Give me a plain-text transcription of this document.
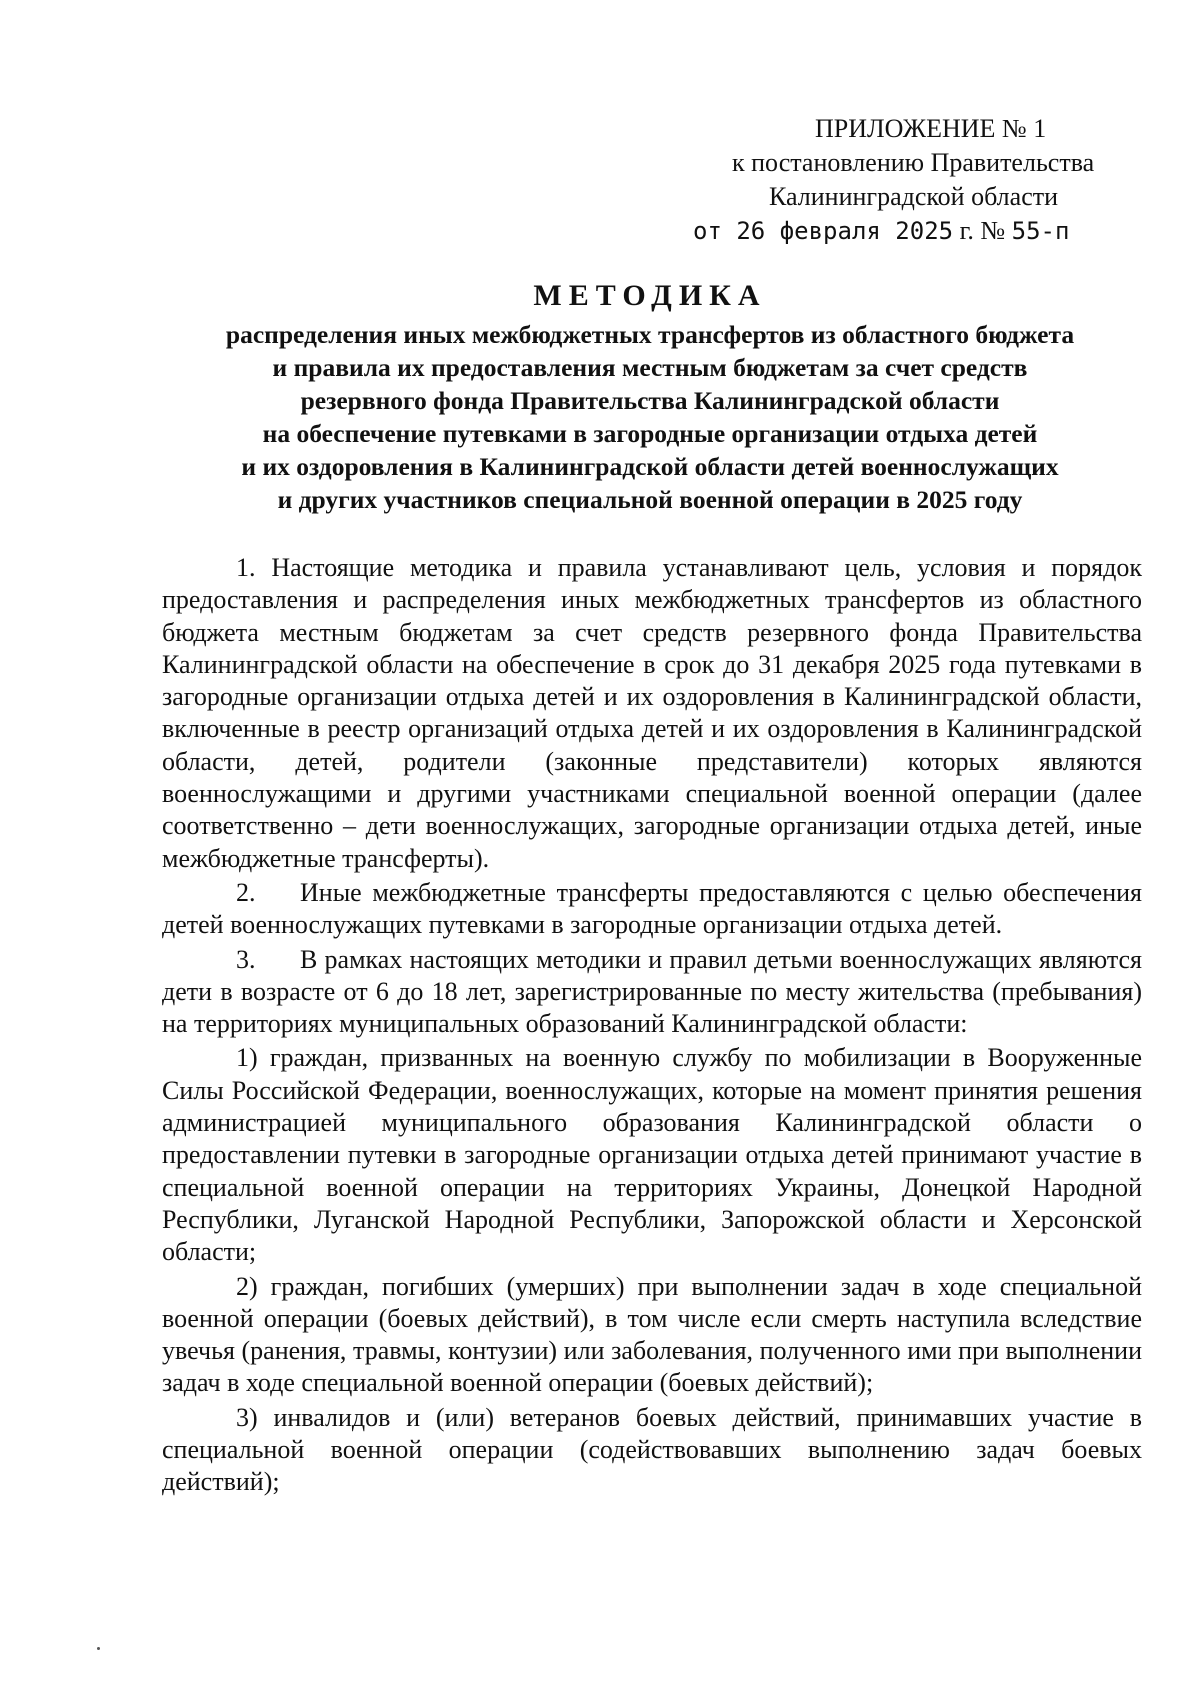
ПРИЛОЖЕНИЕ № 1
к постановлению Правительства
Калининградской области
от 26 февраля 2025 г. № 55-п
МЕТОДИКА
распределения иных межбюджетных трансфертов из областного бюджета
и правила их предоставления местным бюджетам за счет средств
резервного фонда Правительства Калининградской области
на обеспечение путевками в загородные организации отдыха детей
и их оздоровления в Калининградской области детей военнослужащих
и других участников специальной военной операции в 2025 году

1. Настоящие методика и правила устанавливают цель, условия и порядок предоставления и распределения иных межбюджетных трансфертов из областного бюджета местным бюджетам за счет средств резервного фонда Правительства Калининградской области на обеспечение в срок до 31 декабря 2025 года путевками в загородные организации отдыха детей и их оздоровления в Калининградской области, включенные в реестр организаций отдыха детей и их оздоровления в Калининградской области, детей, родители (законные представители) которых являются военнослужащими и другими участниками специальной военной операции (далее соответственно – дети военнослужащих, загородные организации отдыха детей, иные межбюджетные трансферты).

2. Иные межбюджетные трансферты предоставляются с целью обеспечения детей военнослужащих путевками в загородные организации отдыха детей.

3. В рамках настоящих методики и правил детьми военнослужащих являются дети в возрасте от 6 до 18 лет, зарегистрированные по месту жительства (пребывания) на территориях муниципальных образований Калининградской области:

1) граждан, призванных на военную службу по мобилизации в Вооруженные Силы Российской Федерации, военнослужащих, которые на момент принятия решения администрацией муниципального образования Калининградской области о предоставлении путевки в загородные организации отдыха детей принимают участие в специальной военной операции на территориях Украины, Донецкой Народной Республики, Луганской Народной Республики, Запорожской области и Херсонской области;

2) граждан, погибших (умерших) при выполнении задач в ходе специальной военной операции (боевых действий), в том числе если смерть наступила вследствие увечья (ранения, травмы, контузии) или заболевания, полученного ими при выполнении задач в ходе специальной военной операции (боевых действий);

3) инвалидов и (или) ветеранов боевых действий, принимавших участие в специальной военной операции (содействовавших выполнению задач боевых действий);
